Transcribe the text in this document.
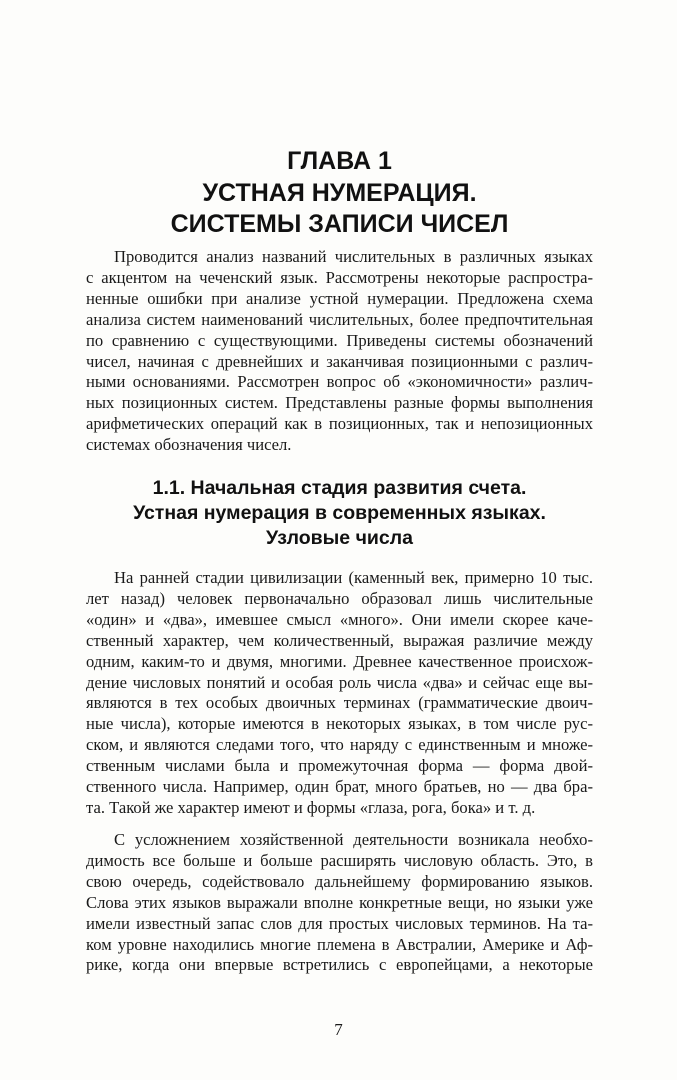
ГЛАВА 1
УСТНАЯ НУМЕРАЦИЯ.
СИСТЕМЫ ЗАПИСИ ЧИСЕЛ
Проводится анализ названий числительных в различных языках
с акцентом на чеченский язык. Рассмотрены некоторые распростра-
ненные ошибки при анализе устной нумерации. Предложена схема
анализа систем наименований числительных, более предпочтительная
по сравнению с существующими. Приведены системы обозначений
чисел, начиная с древнейших и заканчивая позиционными с различ-
ными основаниями. Рассмотрен вопрос об «экономичности» различ-
ных позиционных систем. Представлены разные формы выполнения
арифметических операций как в позиционных, так и непозиционных
системах обозначения чисел.
1.1. Начальная стадия развития счета.
Устная нумерация в современных языках.
Узловые числа
На ранней стадии цивилизации (каменный век, примерно 10 тыс.
лет назад) человек первоначально образовал лишь числительные
«один» и «два», имевшее смысл «много». Они имели скорее каче-
ственный характер, чем количественный, выражая различие между
одним, каким-то и двумя, многими. Древнее качественное происхож-
дение числовых понятий и особая роль числа «два» и сейчас еще вы-
являются в тех особых двоичных терминах (грамматические двоич-
ные числа), которые имеются в некоторых языках, в том числе рус-
ском, и являются следами того, что наряду с единственным и множе-
ственным числами была и промежуточная форма — форма двой-
ственного числа. Например, один брат, много братьев, но — два бра-
та. Такой же характер имеют и формы «глаза, рога, бока» и т. д.
С усложнением хозяйственной деятельности возникала необхо-
димость все больше и больше расширять числовую область. Это, в
свою очередь, содействовало дальнейшему формированию языков.
Слова этих языков выражали вполне конкретные вещи, но языки уже
имели известный запас слов для простых числовых терминов. На та-
ком уровне находились многие племена в Австралии, Америке и Аф-
рике, когда они впервые встретились с европейцами, а некоторые
7
